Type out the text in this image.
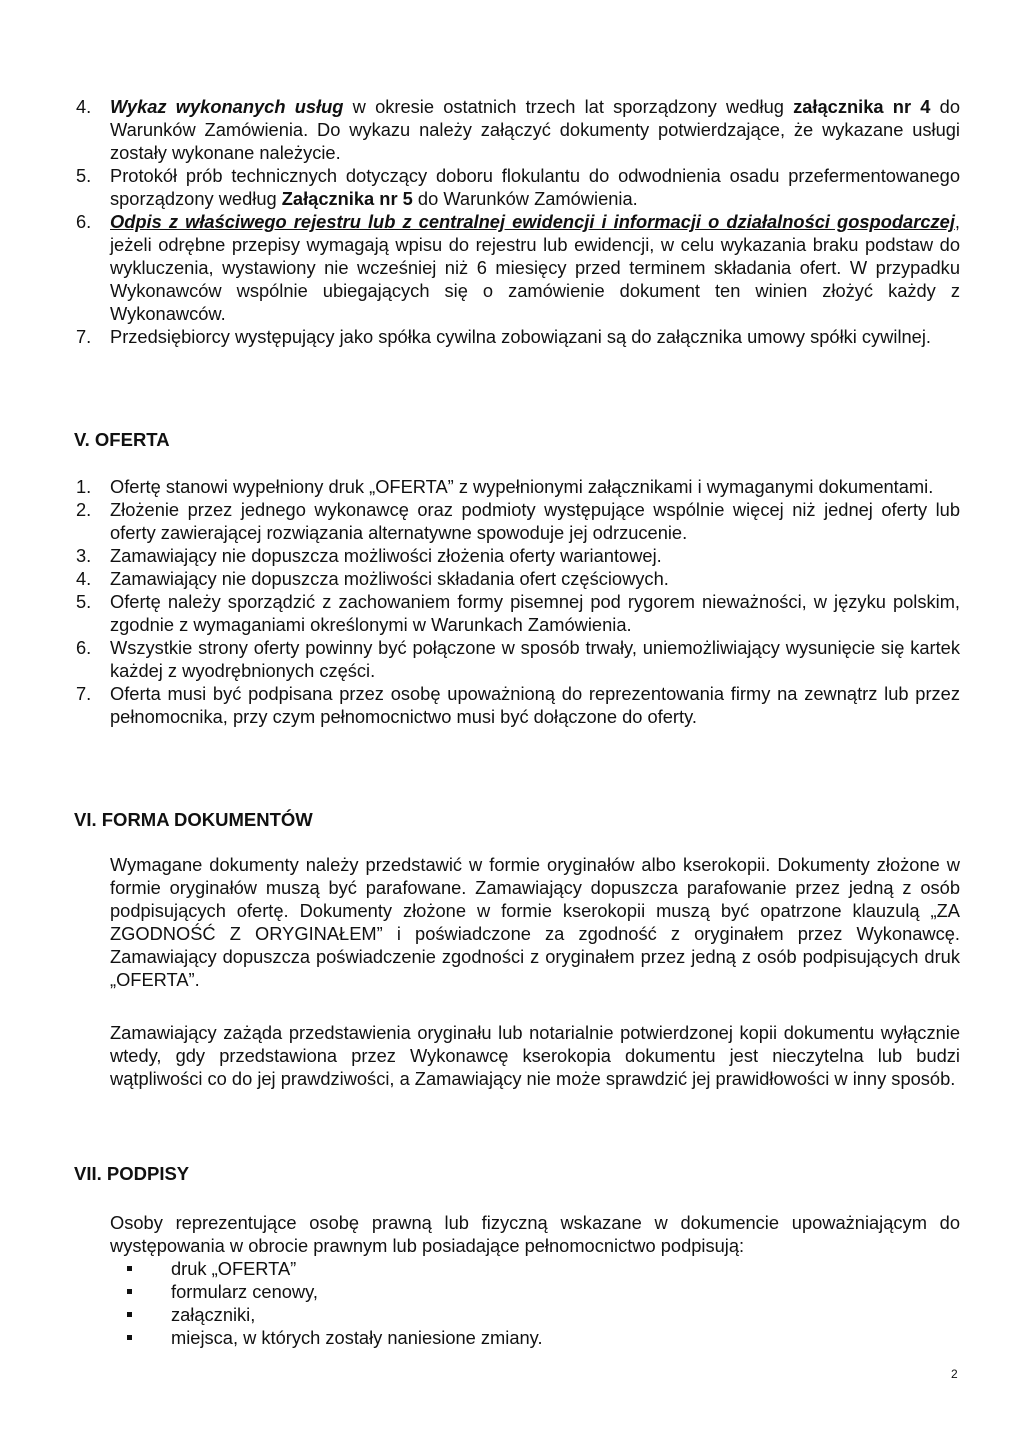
4.	Wykaz wykonanych usług w okresie ostatnich trzech lat sporządzony według załącznika nr 4 do Warunków Zamówienia. Do wykazu należy załączyć dokumenty potwierdzające, że wykazane usługi zostały wykonane należycie.
5.	Protokół prób technicznych dotyczący doboru flokulantu do odwodnienia osadu przefermentowanego sporządzony według Załącznika nr 5 do Warunków Zamówienia.
6.	Odpis z właściwego rejestru lub z centralnej ewidencji i informacji o działalności gospodarczej, jeżeli odrębne przepisy wymagają wpisu do rejestru lub ewidencji, w celu wykazania braku podstaw do wykluczenia, wystawiony nie wcześniej niż 6 miesięcy przed terminem składania ofert. W przypadku Wykonawców wspólnie ubiegających się o zamówienie dokument ten winien złożyć każdy z Wykonawców.
7.	Przedsiębiorcy występujący jako spółka cywilna zobowiązani są do załącznika umowy spółki cywilnej.
V. OFERTA
1.	Ofertę stanowi wypełniony druk „OFERTA” z wypełnionymi załącznikami i wymaganymi dokumentami.
2.	Złożenie przez jednego wykonawcę oraz podmioty występujące wspólnie więcej niż jednej oferty lub oferty zawierającej rozwiązania alternatywne spowoduje jej odrzucenie.
3.	Zamawiający nie dopuszcza możliwości złożenia oferty wariantowej.
4.	Zamawiający nie dopuszcza możliwości składania ofert częściowych.
5.	Ofertę należy sporządzić z zachowaniem formy pisemnej pod rygorem nieważności, w języku polskim, zgodnie z wymaganiami określonymi w Warunkach Zamówienia.
6.	Wszystkie strony oferty powinny być połączone w sposób trwały, uniemożliwiający wysunięcie się kartek każdej z wyodrębnionych części.
7.	Oferta musi być podpisana przez osobę upoważnioną do reprezentowania firmy na zewnątrz lub przez pełnomocnika, przy czym pełnomocnictwo musi być dołączone do oferty.
VI. FORMA DOKUMENTÓW
Wymagane dokumenty należy przedstawić w formie oryginałów albo kserokopii. Dokumenty złożone w formie oryginałów muszą być parafowane. Zamawiający dopuszcza parafowanie przez jedną z osób podpisujących ofertę. Dokumenty złożone w formie kserokopii muszą być opatrzone klauzulą „ZA ZGODNOŚĆ Z ORYGINAŁEM” i poświadczone za zgodność z oryginałem przez Wykonawcę. Zamawiający dopuszcza poświadczenie zgodności z oryginałem przez jedną z osób podpisujących druk „OFERTA”.
Zamawiający zażąda przedstawienia oryginału lub notarialnie potwierdzonej kopii dokumentu wyłącznie wtedy, gdy przedstawiona przez Wykonawcę kserokopia dokumentu jest nieczytelna lub budzi wątpliwości co do jej prawdziwości, a Zamawiający nie może sprawdzić jej prawidłowości w inny sposób.
VII. PODPISY
Osoby reprezentujące osobę prawną lub fizyczną wskazane w dokumencie upoważniającym do występowania w obrocie prawnym lub posiadające pełnomocnictwo podpisują:
druk „OFERTA”
formularz cenowy,
załączniki,
miejsca, w których zostały naniesione zmiany.
2
